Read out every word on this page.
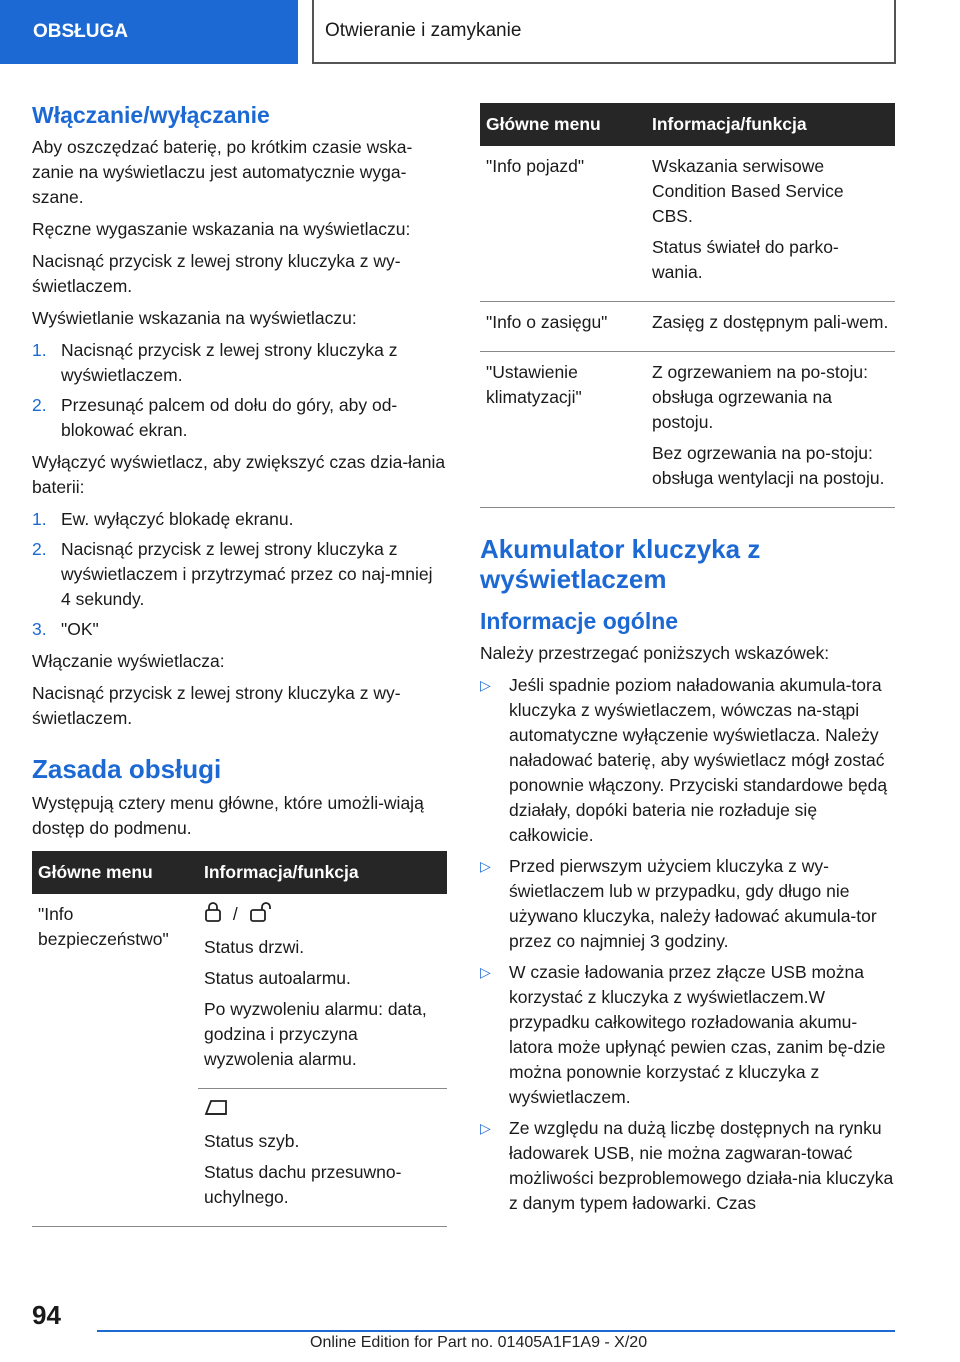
OBSŁUGA	Otwieranie i zamykanie
Włączanie/wyłączanie

Aby oszczędzać baterię, po krótkim czasie wska-zanie na wyświetlaczu jest automatycznie wyga-szane.

Ręczne wygaszanie wskazania na wyświetlaczu:

Nacisnąć przycisk z lewej strony kluczyka z wy-świetlaczem.

Wyświetlanie wskazania na wyświetlaczu:

1. Nacisnąć przycisk z lewej strony kluczyka z wyświetlaczem.
2. Przesunąć palcem od dołu do góry, aby od-blokować ekran.

Wyłączyć wyświetlacz, aby zwiększyć czas dzia-łania baterii:

1. Ew. wyłączyć blokadę ekranu.
2. Nacisnąć przycisk z lewej strony kluczyka z wyświetlaczem i przytrzymać przez co naj-mniej 4 sekundy.
3. "OK"

Włączanie wyświetlacza:

Nacisnąć przycisk z lewej strony kluczyka z wy-świetlaczem.

Zasada obsługi

Występują cztery menu główne, które umożli-wiają dostęp do podmenu.

Główne menu	Informacja/funkcja
"Info bezpieczeństwo"	/

Status drzwi.

Status autoalarmu.

Po wyzwoleniu alarmu: data, godzina i przyczyna wyzwolenia alarmu.

	Status szyb.

Status dachu przesuwno-uchylnego.

Główne menu	Informacja/funkcja
"Info pojazd"	Wskazania serwisowe Condition Based Service CBS.

Status świateł do parko-wania.

"Info o zasięgu"	Zasięg z dostępnym pali-wem.

"Ustawienie klimatyzacji"	Z ogrzewaniem na po-stoju: obsługa ogrzewania na postoju.

Bez ogrzewania na po-stoju: obsługa wentylacji na postoju.

Akumulator kluczyka z wyświetlaczem
Informacje ogólne

Należy przestrzegać poniższych wskazówek:

▷ Jeśli spadnie poziom naładowania akumula-tora kluczyka z wyświetlaczem, wówczas na-stąpi automatyczne wyłączenie wyświetlacza. Należy naładować baterię, aby wyświetlacz mógł zostać ponownie włączony. Przyciski standardowe będą działały, dopóki bateria nie rozładuje się całkowicie.
▷ Przed pierwszym użyciem kluczyka z wy-świetlaczem lub w przypadku, gdy długo nie używano kluczyka, należy ładować akumula-tor przez co najmniej 3 godziny.
▷ W czasie ładowania przez złącze USB można korzystać z kluczyka z wyświetlaczem.W przypadku całkowitego rozładowania akumu-latora może upłynąć pewien czas, zanim bę-dzie można ponownie korzystać z kluczyka z wyświetlaczem.
▷ Ze względu na dużą liczbę dostępnych na rynku ładowarek USB, nie można zagwaran-tować możliwości bezproblemowego działa-nia kluczyka z danym typem ładowarki. Czas
94
Online Edition for Part no. 01405A1F1A9 - X/20
